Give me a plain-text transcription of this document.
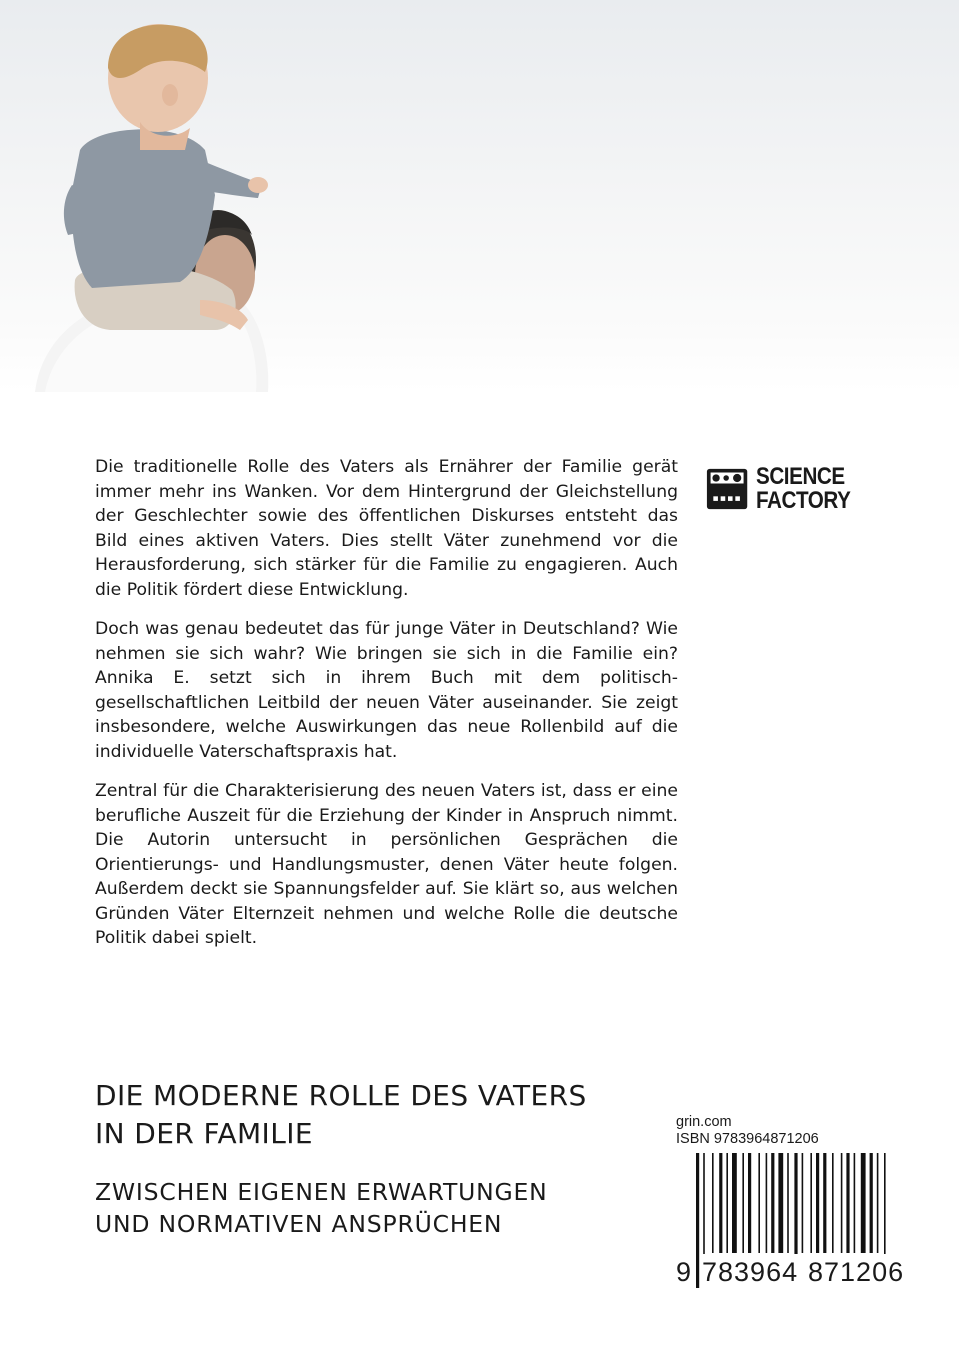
Die traditionelle Rolle des Vaters als Ernährer der Familie gerät immer mehr ins Wanken. Vor dem Hintergrund der Gleichstellung der Geschlechter sowie des öffentlichen Diskurses entsteht das Bild eines aktiven Vaters. Dies stellt Väter zunehmend vor die Herausforderung, sich stärker für die Familie zu engagieren. Auch die Politik fördert diese Entwicklung.

Doch was genau bedeutet das für junge Väter in Deutschland? Wie nehmen sie sich wahr? Wie bringen sie sich in die Familie ein? Annika E. setzt sich in ihrem Buch mit dem politisch-gesellschaftlichen Leitbild der neuen Väter auseinander. Sie zeigt insbesondere, welche Auswirkungen das neue Rollenbild auf die individuelle Vaterschaftspraxis hat.

Zentral für die Charakterisierung des neuen Vaters ist, dass er eine berufliche Auszeit für die Erziehung der Kinder in Anspruch nimmt. Die Autorin untersucht in persönlichen Gesprächen die Orientierungs- und Handlungsmuster, denen Väter heute folgen. Außerdem deckt sie Spannungsfelder auf. Sie klärt so, aus welchen Gründen Väter Elternzeit nehmen und welche Rolle die deutsche Politik dabei spielt.

SCIENCE
FACTORY
DIE MODERNE ROLLE DES VATERS
IN DER FAMILIE
ZWISCHEN EIGENEN ERWARTUNGEN
UND NORMATIVEN ANSPRÜCHEN
grin.com
ISBN 9783964871206
9 783964 871206
